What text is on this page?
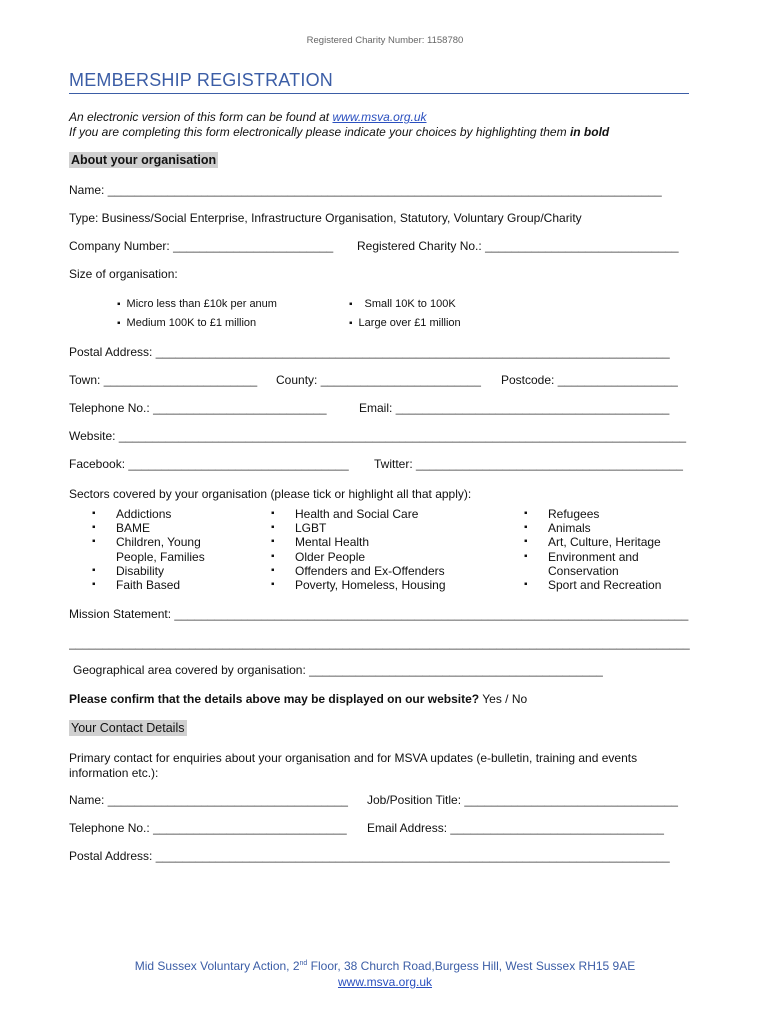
Registered Charity Number: 1158780
MEMBERSHIP REGISTRATION
An electronic version of this form can be found at www.msva.org.uk
If you are completing this form electronically please indicate your choices by highlighting them in bold
About your organisation
Name: ___________________________________________________________________________________
Type: Business/Social Enterprise, Infrastructure Organisation, Statutory, Voluntary Group/Charity
Company Number: ________________________ Registered Charity No.: _____________________________
Size of organisation:
▪ Micro less than £10k per anum	▪ Small 10K to 100K
▪ Medium 100K to £1 million	▪ Large over £1 million
Postal Address: _____________________________________________________________________________
Town: _______________________ County: ________________________ Postcode: __________________
Telephone No.: __________________________	Email: _________________________________________
Website: _____________________________________________________________________________________
Facebook: _________________________________ Twitter: ________________________________________
Sectors covered by your organisation (please tick or highlight all that apply):
▪ Addictions
▪ BAME
▪ Children, Young People, Families
▪ Disability
▪ Faith Based
▪ Health and Social Care
▪ LGBT
▪ Mental Health
▪ Older People
▪ Offenders and Ex-Offenders
▪ Poverty, Homeless, Housing
▪ Refugees
▪ Animals
▪ Art, Culture, Heritage
▪ Environment and Conservation
▪ Sport and Recreation
Mission Statement: _____________________________________________________________________________
_____________________________________________________________________________________________
Geographical area covered by organisation: ____________________________________________
Please confirm that the details above may be displayed on our website? Yes / No
Your Contact Details
Primary contact for enquiries about your organisation and for MSVA updates (e-bulletin, training and events information etc.):
Name: ____________________________________ Job/Position Title: ________________________________
Telephone No.: _____________________________ Email Address: ________________________________
Postal Address: _____________________________________________________________________________
Mid Sussex Voluntary Action, 2nd Floor, 38 Church Road,Burgess Hill, West Sussex RH15 9AE
www.msva.org.uk
